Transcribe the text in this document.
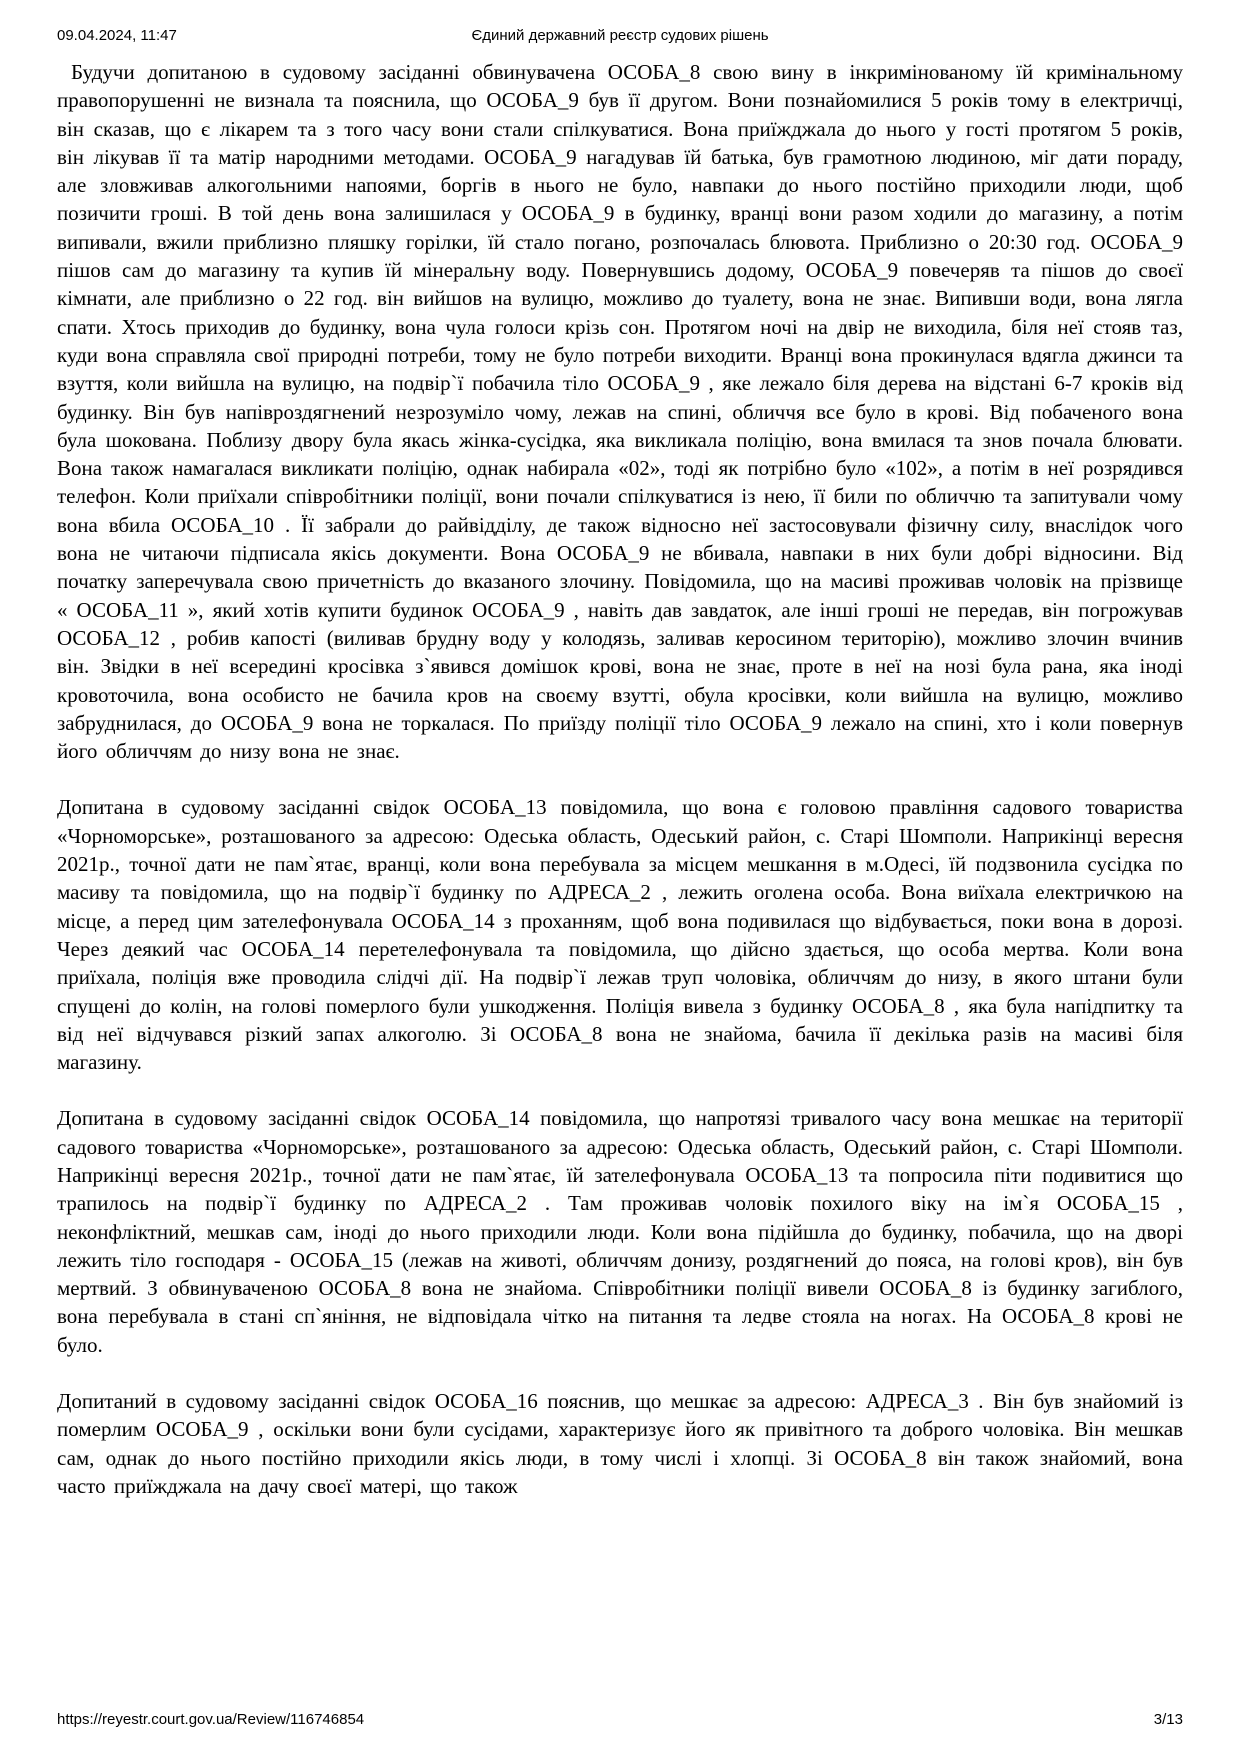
09.04.2024, 11:47	Єдиний державний реєстр судових рішень

Будучи допитаною в судовому засіданні обвинувачена ОСОБА_8 свою вину в інкримінованому їй кримінальному правопорушенні не визнала та пояснила, що ОСОБА_9 був її другом. Вони познайомилися 5 років тому в електричці, він сказав, що є лікарем та з того часу вони стали спілкуватися. Вона приїжджала до нього у гості протягом 5 років, він лікував її та матір народними методами. ОСОБА_9 нагадував їй батька, був грамотною людиною, міг дати пораду, але зловживав алкогольними напоями, боргів в нього не було, навпаки до нього постійно приходили люди, щоб позичити гроші. В той день вона залишилася у ОСОБА_9 в будинку, вранці вони разом ходили до магазину, а потім випивали, вжили приблизно пляшку горілки, їй стало погано, розпочалась блювота. Приблизно о 20:30 год. ОСОБА_9 пішов сам до магазину та купив їй мінеральну воду. Повернувшись додому, ОСОБА_9 повечеряв та пішов до своєї кімнати, але приблизно о 22 год. він вийшов на вулицю, можливо до туалету, вона не знає. Випивши води, вона лягла спати. Хтось приходив до будинку, вона чула голоси крізь сон. Протягом ночі на двір не виходила, біля неї стояв таз, куди вона справляла свої природні потреби, тому не було потреби виходити. Вранці вона прокинулася вдягла джинси та взуття, коли вийшла на вулицю, на подвір`ї побачила тіло ОСОБА_9 , яке лежало біля дерева на відстані 6-7 кроків від будинку. Він був напівроздягнений незрозуміло чому, лежав на спині, обличчя все було в крові. Від побаченого вона була шокована. Поблизу двору була якась жінка-сусідка, яка викликала поліцію, вона вмилася та знов почала блювати. Вона також намагалася викликати поліцію, однак набирала «02», тоді як потрібно було «102», а потім в неї розрядився телефон. Коли приїхали співробітники поліції, вони почали спілкуватися із нею, її били по обличчю та запитували чому вона вбила ОСОБА_10 . Її забрали до райвідділу, де також відносно неї застосовували фізичну силу, внаслідок чого вона не читаючи підписала якісь документи. Вона ОСОБА_9 не вбивала, навпаки в них були добрі відносини. Від початку заперечувала свою причетність до вказаного злочину. Повідомила, що на масиві проживав чоловік на прізвище « ОСОБА_11 », який хотів купити будинок ОСОБА_9 , навіть дав завдаток, але інші гроші не передав, він погрожував ОСОБА_12 , робив капості (виливав брудну воду у колодязь, заливав керосином територію), можливо злочин вчинив він. Звідки в неї всередині кросівка з`явився домішок крові, вона не знає, проте в неї на нозі була рана, яка іноді кровоточила, вона особисто не бачила кров на своєму взутті, обула кросівки, коли вийшла на вулицю, можливо забруднилася, до ОСОБА_9 вона не торкалася. По приїзду поліції тіло ОСОБА_9 лежало на спині, хто і коли повернув його обличчям до низу вона не знає.

Допитана в судовому засіданні свідок ОСОБА_13 повідомила, що вона є головою правління садового товариства «Чорноморське», розташованого за адресою: Одеська область, Одеський район, с. Старі Шомполи. Наприкінці вересня 2021р., точної дати не пам`ятає, вранці, коли вона перебувала за місцем мешкання в м.Одесі, їй подзвонила сусідка по масиву та повідомила, що на подвір`ї будинку по АДРЕСА_2 , лежить оголена особа. Вона виїхала електричкою на місце, а перед цим зателефонувала ОСОБА_14 з проханням, щоб вона подивилася що відбувається, поки вона в дорозі. Через деякий час ОСОБА_14 перетелефонувала та повідомила, що дійсно здається, що особа мертва. Коли вона приїхала, поліція вже проводила слідчі дії. На подвір`ї лежав труп чоловіка, обличчям до низу, в якого штани були спущені до колін, на голові померлого були ушкодження. Поліція вивела з будинку ОСОБА_8 , яка була напідпитку та від неї відчувався різкий запах алкоголю. Зі ОСОБА_8 вона не знайома, бачила її декілька разів на масиві біля магазину.

Допитана в судовому засіданні свідок ОСОБА_14 повідомила, що напротязі тривалого часу вона мешкає на території садового товариства «Чорноморське», розташованого за адресою: Одеська область, Одеський район, с. Старі Шомполи. Наприкінці вересня 2021р., точної дати не пам`ятає, їй зателефонувала ОСОБА_13 та попросила піти подивитися що трапилось на подвір`ї будинку по АДРЕСА_2 . Там проживав чоловік похилого віку на ім`я ОСОБА_15 , неконфліктний, мешкав сам, іноді до нього приходили люди. Коли вона підійшла до будинку, побачила, що на дворі лежить тіло господаря - ОСОБА_15 (лежав на животі, обличчям донизу, роздягнений до пояса, на голові кров), він був мертвий. З обвинуваченою ОСОБА_8 вона не знайома. Співробітники поліції вивели ОСОБА_8 із будинку загиблого, вона перебувала в стані сп`яніння, не відповідала чітко на питання та ледве стояла на ногах. На ОСОБА_8 крові не було.

Допитаний в судовому засіданні свідок ОСОБА_16 пояснив, що мешкає за адресою: АДРЕСА_3 . Він був знайомий із померлим ОСОБА_9 , оскільки вони були сусідами, характеризує його як привітного та доброго чоловіка. Він мешкав сам, однак до нього постійно приходили якісь люди, в тому числі і хлопці. Зі ОСОБА_8 він також знайомий, вона часто приїжджала на дачу своєї матері, що також

https://reyestr.court.gov.ua/Review/116746854	3/13
